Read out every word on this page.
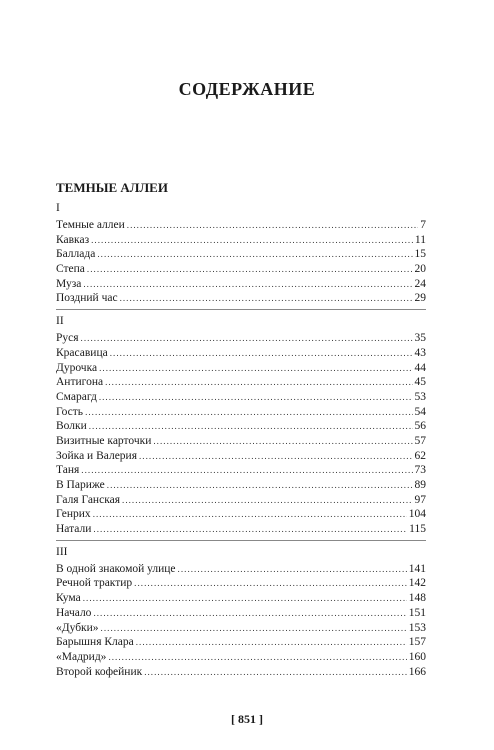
СОДЕРЖАНИЕ
ТЕМНЫЕ АЛЛЕИ
I
Темные аллеи . . .	7
Кавказ . . .	11
Баллада . . .	15
Степа . . .	20
Муза . . .	24
Поздний час . . .	29
II
Руся . . .	35
Красавица . . .	43
Дурочка . . .	44
Антигона . . .	45
Смарагд . . .	53
Гость . . .	54
Волки . . .	56
Визитные карточки . . .	57
Зойка и Валерия . . .	62
Таня . . .	73
В Париже . . .	89
Галя Ганская . . .	97
Генрих . . .	104
Натали . . .	115
III
В одной знакомой улице . . .	141
Речной трактир . . .	142
Кума . . .	148
Начало . . .	151
«Дубки» . . .	153
Барышня Клара . . .	157
«Мадрид» . . .	160
Второй кофейник . . .	166
[ 851 ]
